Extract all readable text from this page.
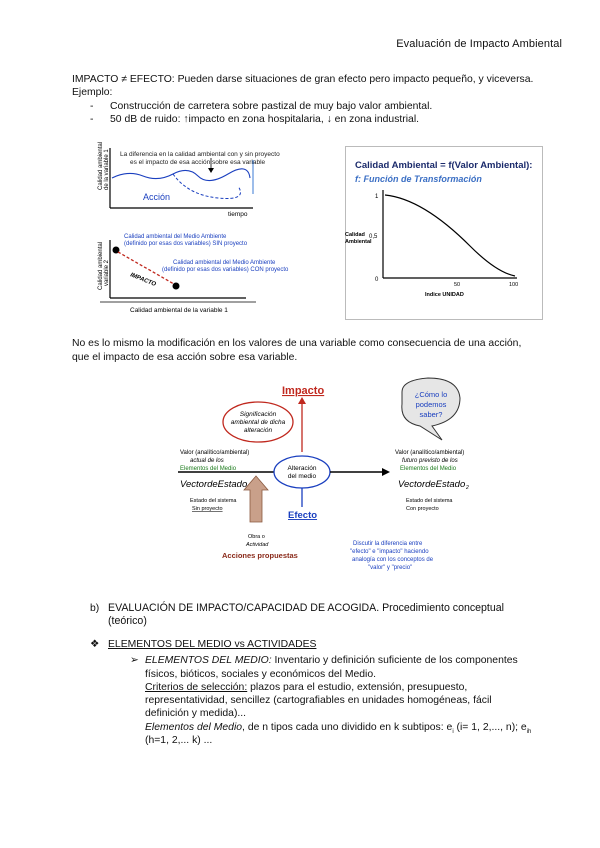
Evaluación de Impacto Ambiental
IMPACTO ≠ EFECTO: Pueden darse situaciones de gran efecto pero impacto pequeño, y viceversa.
Ejemplo:
- Construcción de carretera sobre pastizal de muy bajo valor ambiental.
- 50 dB de ruido: ↑impacto en zona hospitalaria, ↓ en zona industrial.
Calidad ambiental de la variable 1 La diferencia en la calidad ambiental con y sin proyecto
es el impacto de esa acción sobre esa variable
Acción
tiempo
Calidad ambiental variable 2
Calidad ambiental del Medio Ambiente
(definido por esas dos variables) SIN proyecto
Calidad ambiental del Medio Ambiente
(definido por esas dos variables) CON proyecto
IMPACTO
Calidad ambiental de la variable 1
Calidad Ambiental = f(Valor Ambiental):
f: Función de Transformación
Calidad
Ambiental
1
0,5
0
50	100
Indice UNIDAD
No es lo mismo la modificación en los valores de una variable como consecuencia de una acción,
que el impacto de esa acción sobre esa variable.
Impacto
Significación
ambiental de dicha
alteración
¿Cómo lo
podemos
saber?
Valor (analítico/ambiental)
actual de los
Elementos del Medio
VectordeEstado
Estado del sistema
Sin proyecto
Alteración
del medio
Valor (analítico/ambiental)
futuro previsto de los
Elementos del Medio
VectordeEstado 2
Estado del sistema
Con proyecto
Efecto
Obra o
Actividad
Acciones propuestas
Discutir la diferencia entre
"efecto" e "impacto" haciendo
analogía con los conceptos de
"valor" y "precio"
b) EVALUACIÓN DE IMPACTO/CAPACIDAD DE ACOGIDA. Procedimiento conceptual
(teórico)
❖ ELEMENTOS DEL MEDIO vs ACTIVIDADES
➢ ELEMENTOS DEL MEDIO: Inventario y definición suficiente de los componentes
físicos, bióticos, sociales y económicos del Medio.
Criterios de selección: plazos para el estudio, extensión, presupuesto,
representatividad, sencillez (cartografiables en unidades homogéneas, fácil
definición y medida)...
Elementos del Medio, de n tipos cada uno dividido en k subtipos: $e_i$ (i= 1, 2,..., n); $e_{ih}$
(h=1, 2,... k) ...
